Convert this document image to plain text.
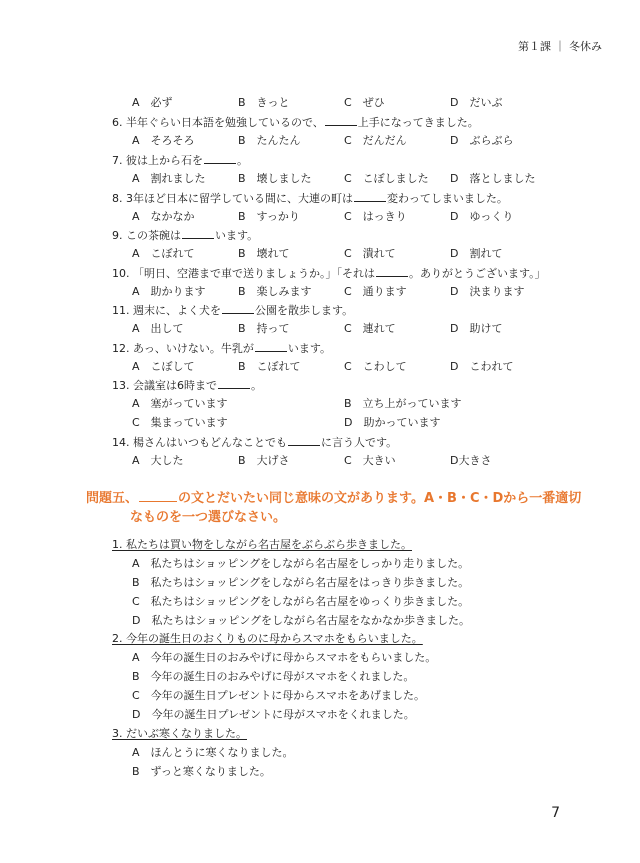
第１課 ｜ 冬休み
A　必ず	B　きっと	C　ぜひ	D　だいぶ
6. 半年ぐらい日本語を勉強しているので、	上手になってきました。
A　そろそろ	B　たんたん	C　だんだん	D　ぶらぶら
7. 彼は上から石を	。
A　割れました	B　壊しました	C　こぼしました D　落としました
8. 3年ほど日本に留学している間に、大連の町は	変わってしまいました。
A　なかなか	B　すっかり	C　はっきり	D　ゆっくり
9. この茶碗は	います。
A　こぼれて	B　壊れて	C　潰れて	D　割れて
10. 「明日、空港まで車で送りましょうか。」「それは	。ありがとうございます。」
A　助かります	B　楽しみます	C　通ります	D　決まります
11. 週末に、よく犬を	公園を散歩します。
A　出して	B　持って	C　連れて	D　助けて
12. あっ、いけない。牛乳が	います。
A　こぼして	B　こぼれて	C　こわして	D　こわれて
13. 会議室は6時まで	。
A　塞がっています	B　立ち上がっています
C　集まっています	D　助かっています
14. 楊さんはいつもどんなことでも	に言う人です。
A　大した	B　大げさ	C　大きい	D大きさ
問題五、	の文とだいたい同じ意味の文があります。A・B・C・Dから一番適切
なものを一つ選びなさい。
1. 私たちは買い物をしながら名古屋をぶらぶら歩きました。
A　私たちはショッピングをしながら名古屋をしっかり走りました。
B　私たちはショッピングをしながら名古屋をはっきり歩きました。
C　私たちはショッピングをしながら名古屋をゆっくり歩きました。
D　私たちはショッピングをしながら名古屋をなかなか歩きました。
2. 今年の誕生日のおくりものに母からスマホをもらいました。
A　今年の誕生日のおみやげに母からスマホをもらいました。
B　今年の誕生日のおみやげに母がスマホをくれました。
C　今年の誕生日プレゼントに母からスマホをあげました。
D　今年の誕生日プレゼントに母がスマホをくれました。
3. だいぶ寒くなりました。
A　ほんとうに寒くなりました。
B　ずっと寒くなりました。
7
